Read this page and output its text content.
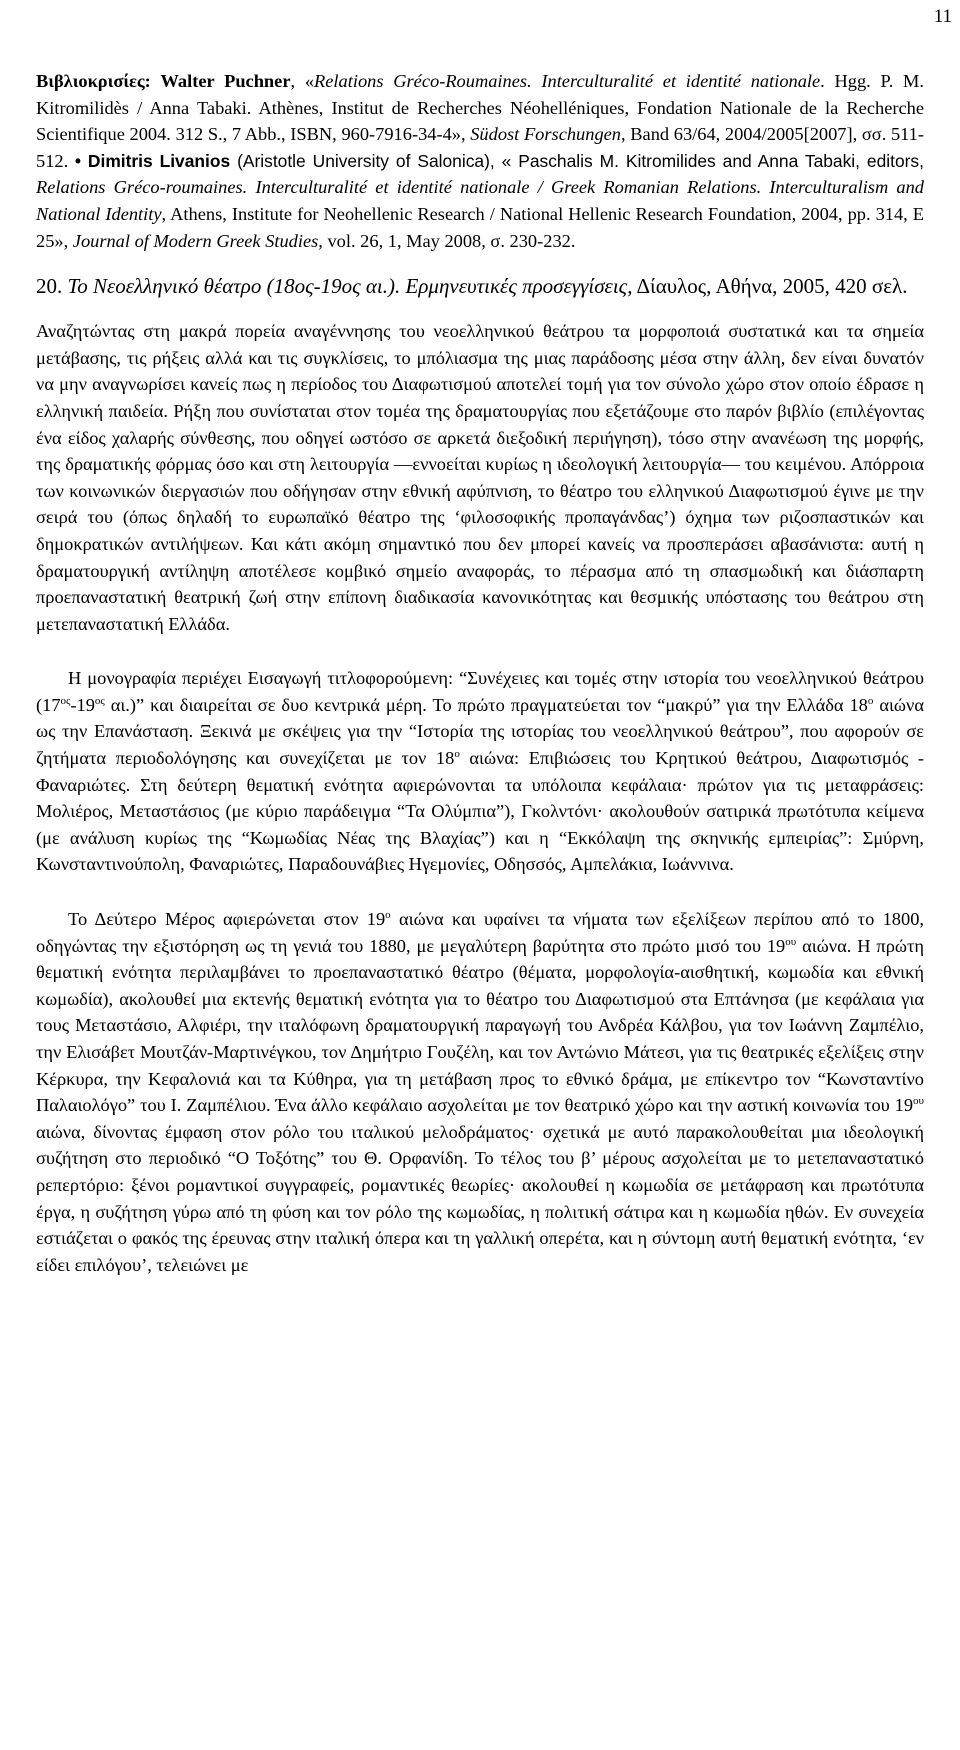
11

Βιβλιοκρισίες: Walter Puchner, «Relations Gréco-Roumaines. Interculturalité et identité nationale. Hgg. P. M. Kitromilidès / Anna Tabaki. Athènes, Institut de Recherches Néohelléniques, Fondation Nationale de la Recherche Scientifique 2004. 312 S., 7 Abb., ISBN, 960-7916-34-4», Südost Forschungen, Band 63/64, 2004/2005[2007], σσ. 511-512. • Dimitris Livanios (Aristotle University of Salonica), « Paschalis M. Kitromilides and Anna Tabaki, editors, Relations Gréco-roumaines. Interculturalité et identité nationale / Greek Romanian Relations. Interculturalism and National Identity, Athens, Institute for Neohellenic Research / National Hellenic Research Foundation, 2004, pp. 314, E 25», Journal of Modern Greek Studies, vol. 26, 1, May 2008, σ. 230-232.

20. Το Νεοελληνικό θέατρο (18ος-19ος αι.). Ερμηνευτικές προσεγγίσεις, Δίαυλος, Αθήνα, 2005, 420 σελ.

Αναζητώντας στη μακρά πορεία αναγέννησης του νεοελληνικού θεάτρου τα μορφοποιά συστατικά και τα σημεία μετάβασης, τις ρήξεις αλλά και τις συγκλίσεις, το μπόλιασμα της μιας παράδοσης μέσα στην άλλη, δεν είναι δυνατόν να μην αναγνωρίσει κανείς πως η περίοδος του Διαφωτισμού αποτελεί τομή για τον σύνολο χώρο στον οποίο έδρασε η ελληνική παιδεία. Ρήξη που συνίσταται στον τομέα της δραματουργίας που εξετάζουμε στο παρόν βιβλίο (επιλέγοντας ένα είδος χαλαρής σύνθεσης, που οδηγεί ωστόσο σε αρκετά διεξοδική περιήγηση), τόσο στην ανανέωση της μορφής, της δραματικής φόρμας όσο και στη λειτουργία —εννοείται κυρίως η ιδεολογική λειτουργία— του κειμένου. Απόρροια των κοινωνικών διεργασιών που οδήγησαν στην εθνική αφύπνιση, το θέατρο του ελληνικού Διαφωτισμού έγινε με την σειρά του (όπως δηλαδή το ευρωπαϊκό θέατρο της ‘φιλοσοφικής προπαγάνδας’) όχημα των ριζοσπαστικών και δημοκρατικών αντιλήψεων. Και κάτι ακόμη σημαντικό που δεν μπορεί κανείς να προσπεράσει αβασάνιστα: αυτή η δραματουργική αντίληψη αποτέλεσε κομβικό σημείο αναφοράς, το πέρασμα από τη σπασμωδική και διάσπαρτη προεπαναστατική θεατρική ζωή στην επίπονη διαδικασία κανονικότητας και θεσμικής υπόστασης του θεάτρου στη μετεπαναστατική Ελλάδα.

Η μονογραφία περιέχει Εισαγωγή τιτλοφορούμενη: “Συνέχειες και τομές στην ιστορία του νεοελληνικού θεάτρου ($17^{o\varsigma}-19^{o\varsigma}$ αι.)” και διαιρείται σε δυο κεντρικά μέρη. Το πρώτο πραγματεύεται τον “μακρύ” για την Ελλάδα $18^o$ αιώνα ως την Επανάσταση. Ξεκινά με σκέψεις για την “Ιστορία της ιστορίας του νεοελληνικού θεάτρου”, που αφορούν σε ζητήματα περιοδολόγησης και συνεχίζεται με τον $18^o$ αιώνα: Επιβιώσεις του Κρητικού θεάτρου, Διαφωτισμός - Φαναριώτες. Στη δεύτερη θεματική ενότητα αφιερώνονται τα υπόλοιπα κεφάλαια· πρώτον για τις μεταφράσεις: Μολιέρος, Μεταστάσιος (με κύριο παράδειγμα “Τα Ολύμπια”), Γκολντόνι· ακολουθούν σατιρικά πρωτότυπα κείμενα (με ανάλυση κυρίως της “Κωμωδίας Νέας της Βλαχίας”) και η “Εκκόλαψη της σκηνικής εμπειρίας”: Σμύρνη, Κωνσταντινούπολη, Φαναριώτες, Παραδουνάβιες Ηγεμονίες, Οδησσός, Αμπελάκια, Ιωάννινα.

Το Δεύτερο Μέρος αφιερώνεται στον $19^o$ αιώνα και υφαίνει τα νήματα των εξελίξεων περίπου από το 1800, οδηγώντας την εξιστόρηση ως τη γενιά του 1880, με μεγαλύτερη βαρύτητα στο πρώτο μισό του $19^{o\upsilon}$ αιώνα. Η πρώτη θεματική ενότητα περιλαμβάνει το προεπαναστατικό θέατρο (θέματα, μορφολογία-αισθητική, κωμωδία και εθνική κωμωδία), ακολουθεί μια εκτενής θεματική ενότητα για το θέατρο του Διαφωτισμού στα Επτάνησα (με κεφάλαια για τους Μεταστάσιο, Αλφιέρι, την ιταλόφωνη δραματουργική παραγωγή του Ανδρέα Κάλβου, για τον Ιωάννη Ζαμπέλιο, την Ελισάβετ Μουτζάν-Μαρτινέγκου, τον Δημήτριο Γουζέλη, και τον Αντώνιο Μάτεσι, για τις θεατρικές εξελίξεις στην Κέρκυρα, την Κεφαλονιά και τα Κύθηρα, για τη μετάβαση προς το εθνικό δράμα, με επίκεντρο τον “Κωνσταντίνο Παλαιολόγο” του Ι. Ζαμπέλιου. Ένα άλλο κεφάλαιο ασχολείται με τον θεατρικό χώρο και την αστική κοινωνία του $19^{o\upsilon}$ αιώνα, δίνοντας έμφαση στον ρόλο του ιταλικού μελοδράματος· σχετικά με αυτό παρακολουθείται μια ιδεολογική συζήτηση στο περιοδικό “Ο Τοξότης” του Θ. Ορφανίδη. Το τέλος του β’ μέρους ασχολείται με το μετεπαναστατικό ρεπερτόριο: ξένοι ρομαντικοί συγγραφείς, ρομαντικές θεωρίες· ακολουθεί η κωμωδία σε μετάφραση και πρωτότυπα έργα, η συζήτηση γύρω από τη φύση και τον ρόλο της κωμωδίας, η πολιτική σάτιρα και η κωμωδία ηθών. Εν συνεχεία εστιάζεται ο φακός της έρευνας στην ιταλική όπερα και τη γαλλική οπερέτα, και η σύντομη αυτή θεματική ενότητα, ‘εν είδει επιλόγου’, τελειώνει με
